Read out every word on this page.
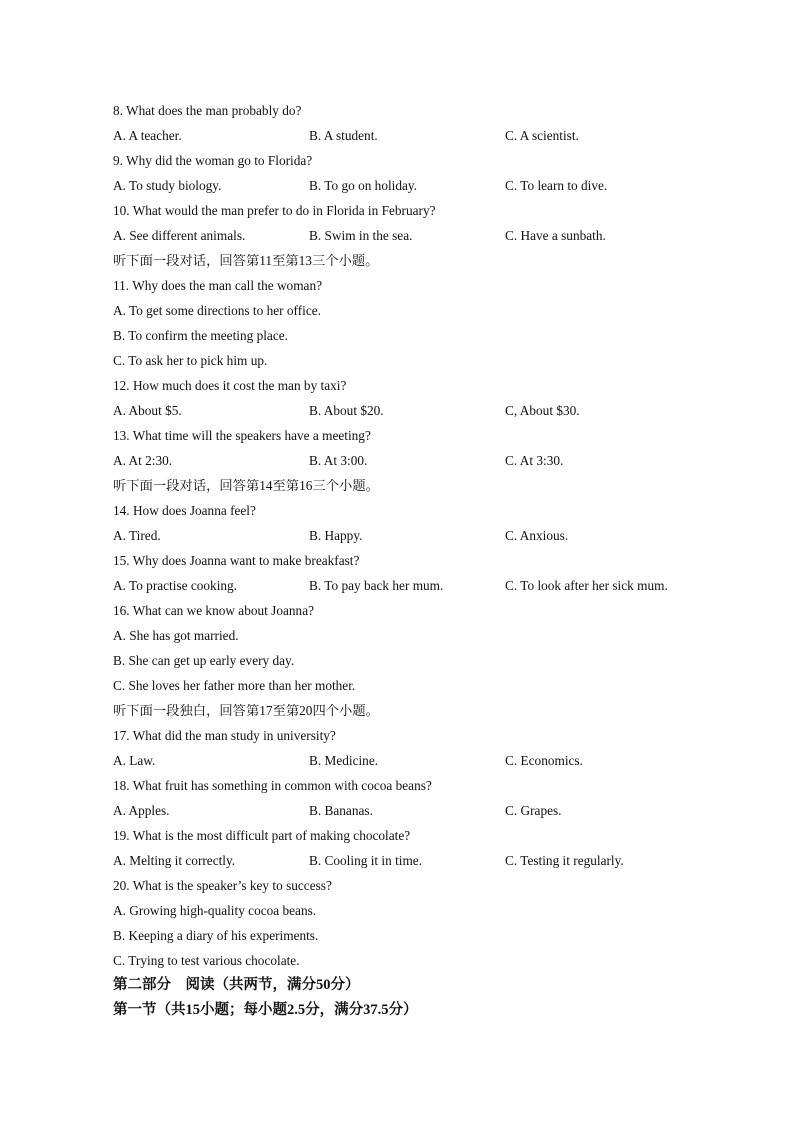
8. What does the man probably do?
A. A teacher.	B. A student.	C. A scientist.
9. Why did the woman go to Florida?
A. To study biology.	B. To go on holiday.	C. To learn to dive.
10. What would the man prefer to do in Florida in February?
A. See different animals.	B. Swim in the sea.	C. Have a sunbath.
听下面一段对话，回答第11至第13三个小题。
11. Why does the man call the woman?
A. To get some directions to her office.
B. To confirm the meeting place.
C. To ask her to pick him up.
12. How much does it cost the man by taxi?
A. About $5.	B. About $20.	C, About $30.
13. What time will the speakers have a meeting?
A. At 2:30.	B. At 3:00.	C. At 3:30.
听下面一段对话，回答第14至第16三个小题。
14. How does Joanna feel?
A. Tired.	B. Happy.	C. Anxious.
15. Why does Joanna want to make breakfast?
A. To practise cooking.	B. To pay back her mum.	C. To look after her sick mum.
16. What can we know about Joanna?
A. She has got married.
B. She can get up early every day.
C. She loves her father more than her mother.
听下面一段独白，回答第17至第20四个小题。
17. What did the man study in university?
A. Law.	B. Medicine.	C. Economics.
18. What fruit has something in common with cocoa beans?
A. Apples.	B. Bananas.	C. Grapes.
19. What is the most difficult part of making chocolate?
A. Melting it correctly.	B. Cooling it in time.	C. Testing it regularly.
20. What is the speaker’s key to success?
A. Growing high-quality cocoa beans.
B. Keeping a diary of his experiments.
C. Trying to test various chocolate.
第二部分　阅读（共两节，满分50分）
第一节（共15小题；每小题2.5分，满分37.5分）
